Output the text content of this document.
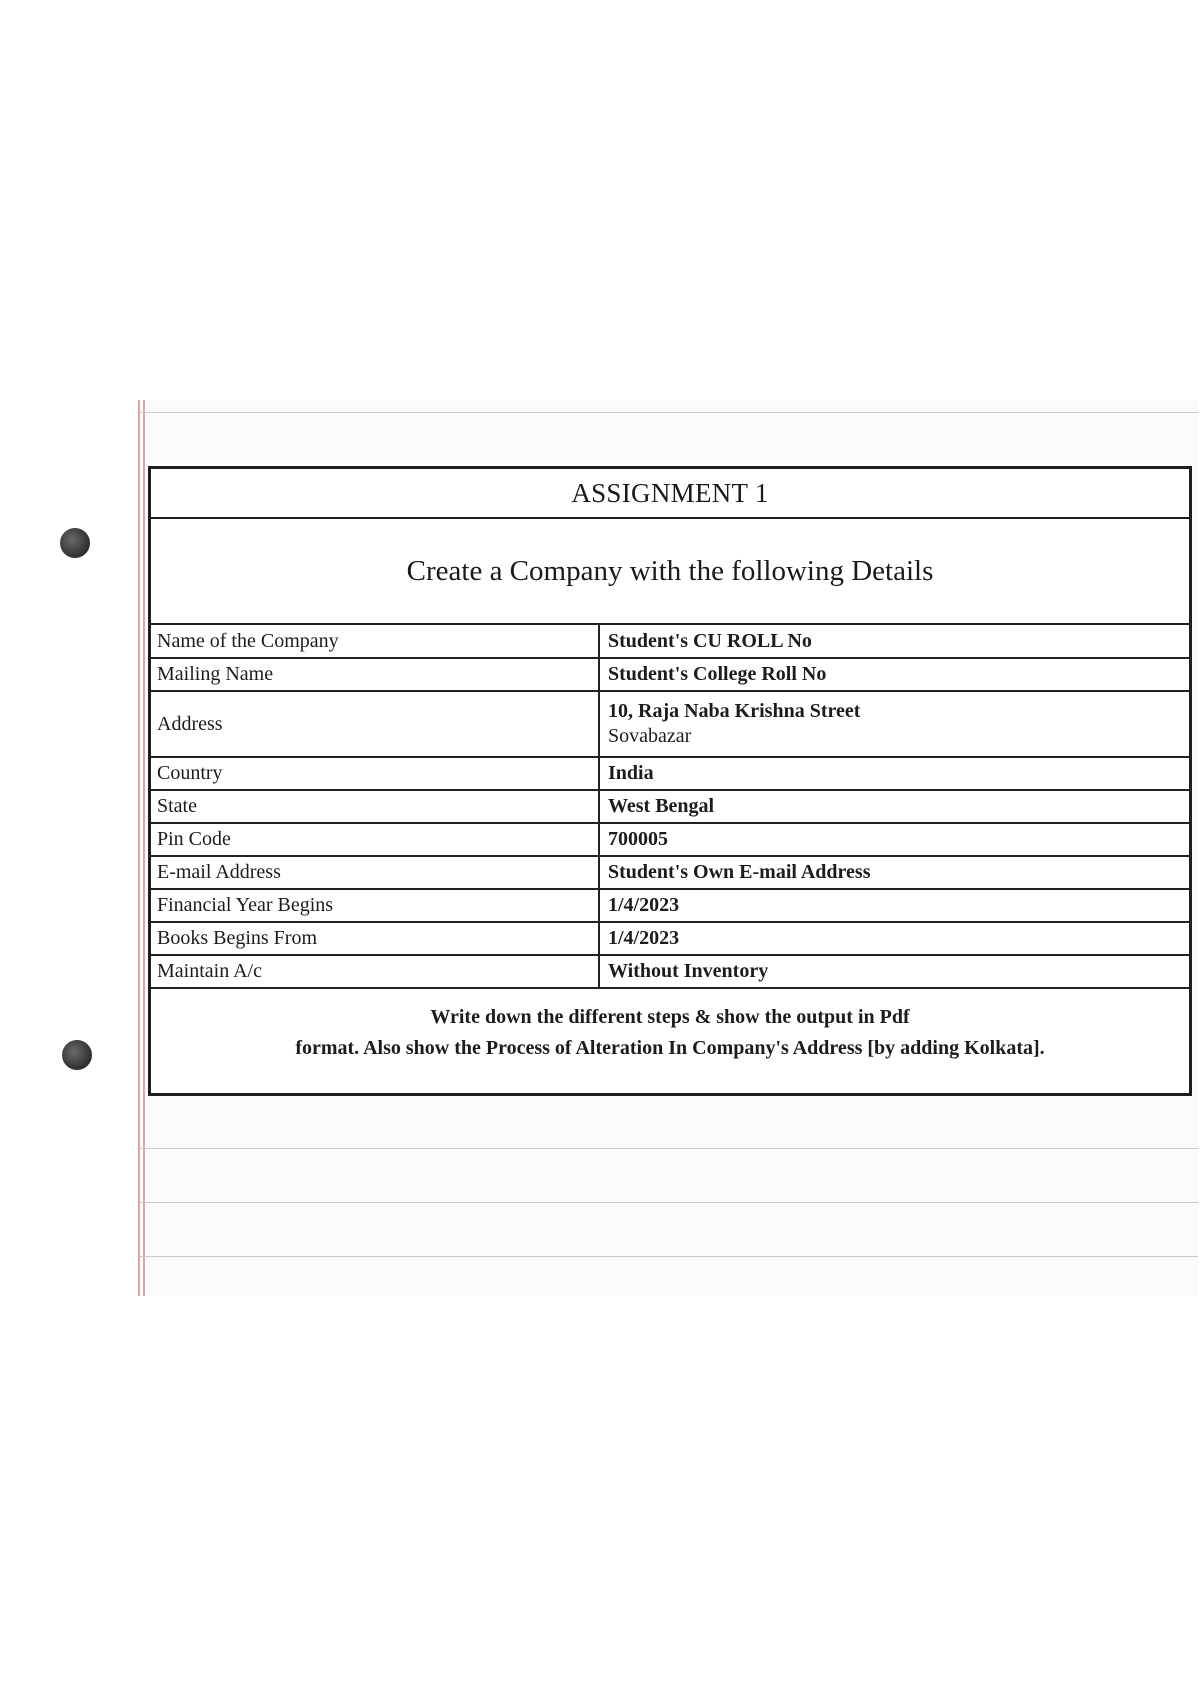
ASSIGNMENT 1
Create a Company with the following Details
Name of the Company	Student's CU ROLL No
Mailing Name	Student's College Roll No
Address	10, Raja Naba Krishna Street
Sovabazar

Country	India
State	West Bengal
Pin Code	700005
E-mail Address	Student's Own E-mail Address
Financial Year Begins	1/4/2023
Books Begins From	1/4/2023
Maintain A/c	Without Inventory
Write down the different steps & show the output in Pdf
format. Also show the Process of Alteration In Company's Address [by adding Kolkata].
